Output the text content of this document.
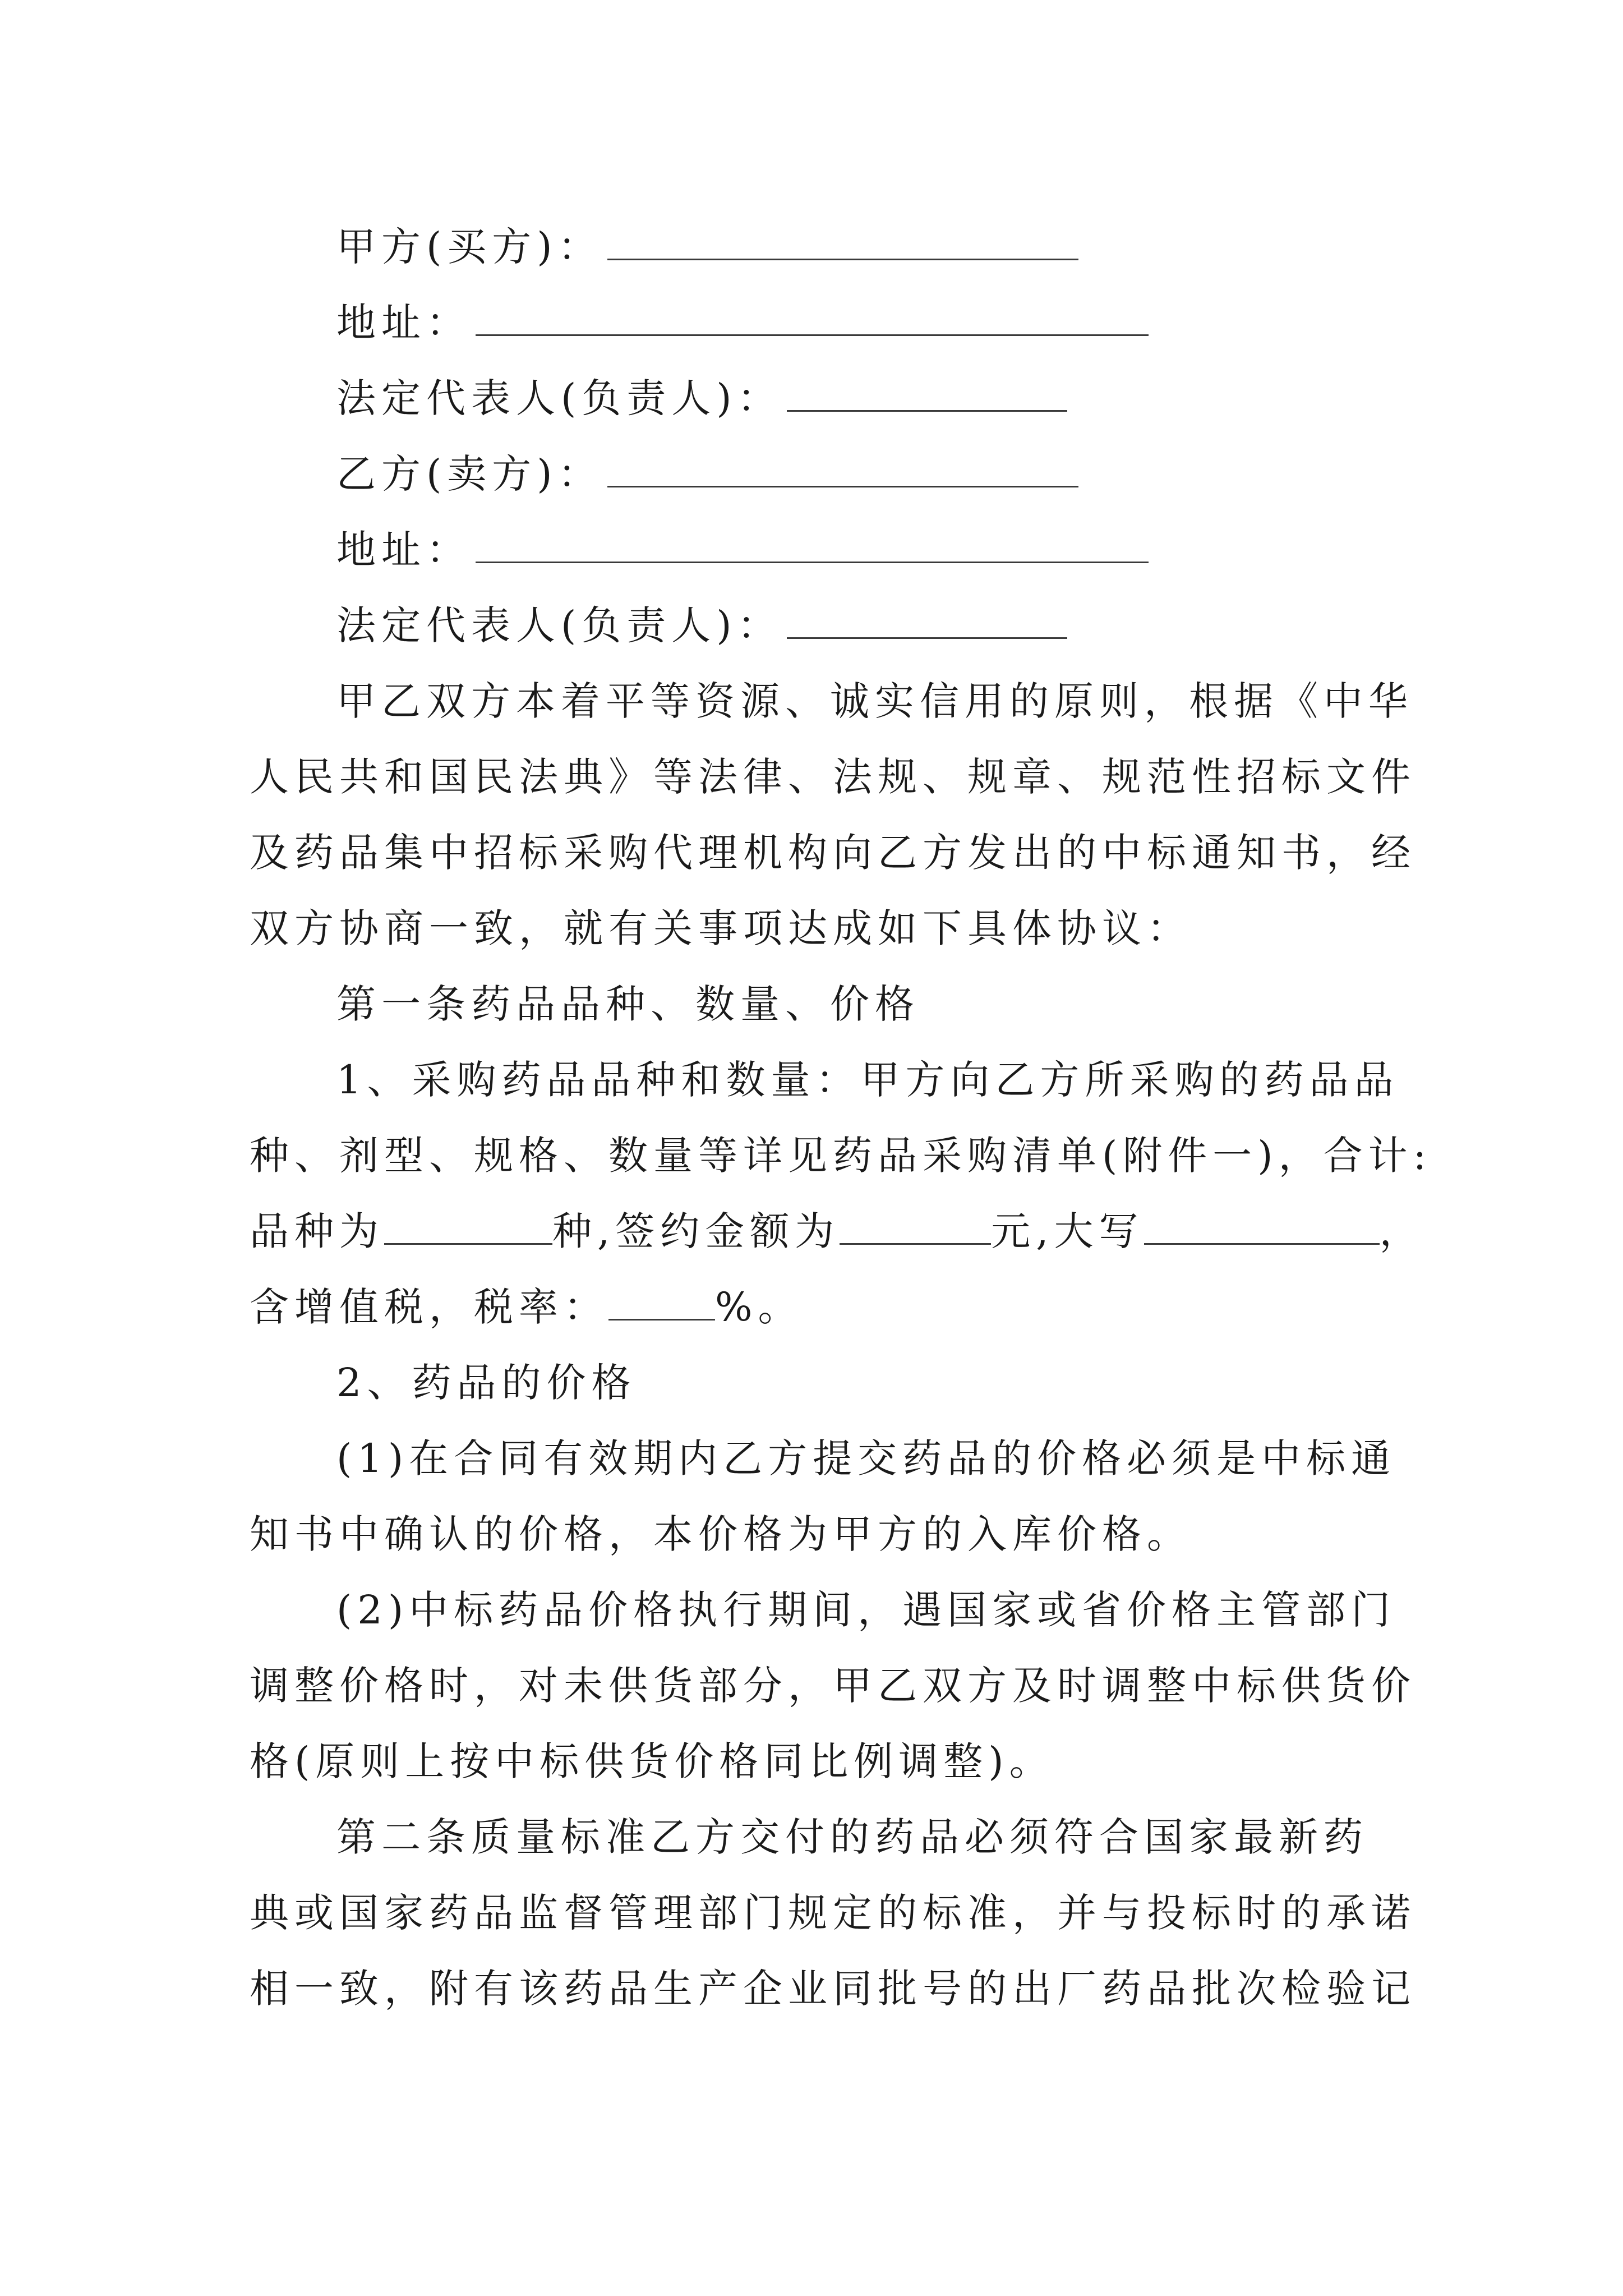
甲方(买方)：
地址：
法定代表人(负责人)：
乙方(卖方)：
地址：
法定代表人(负责人)：
甲乙双方本着平等资源、诚实信用的原则，根据《中华
人民共和国民法典》等法律、法规、规章、规范性招标文件
及药品集中招标采购代理机构向乙方发出的中标通知书，经
双方协商一致，就有关事项达成如下具体协议：
第一条药品品种、数量、价格
1、采购药品品种和数量：甲方向乙方所采购的药品品
种、剂型、规格、数量等详见药品采购清单(附件一)，合计:
品种为	种,签约金额为	元,大写	，
含增值税，税率：	%。
2、药品的价格
(1)在合同有效期内乙方提交药品的价格必须是中标通
知书中确认的价格，本价格为甲方的入库价格。
(2)中标药品价格执行期间，遇国家或省价格主管部门
调整价格时，对未供货部分，甲乙双方及时调整中标供货价
格(原则上按中标供货价格同比例调整)。
第二条质量标准乙方交付的药品必须符合国家最新药
典或国家药品监督管理部门规定的标准，并与投标时的承诺
相一致，附有该药品生产企业同批号的出厂药品批次检验记
